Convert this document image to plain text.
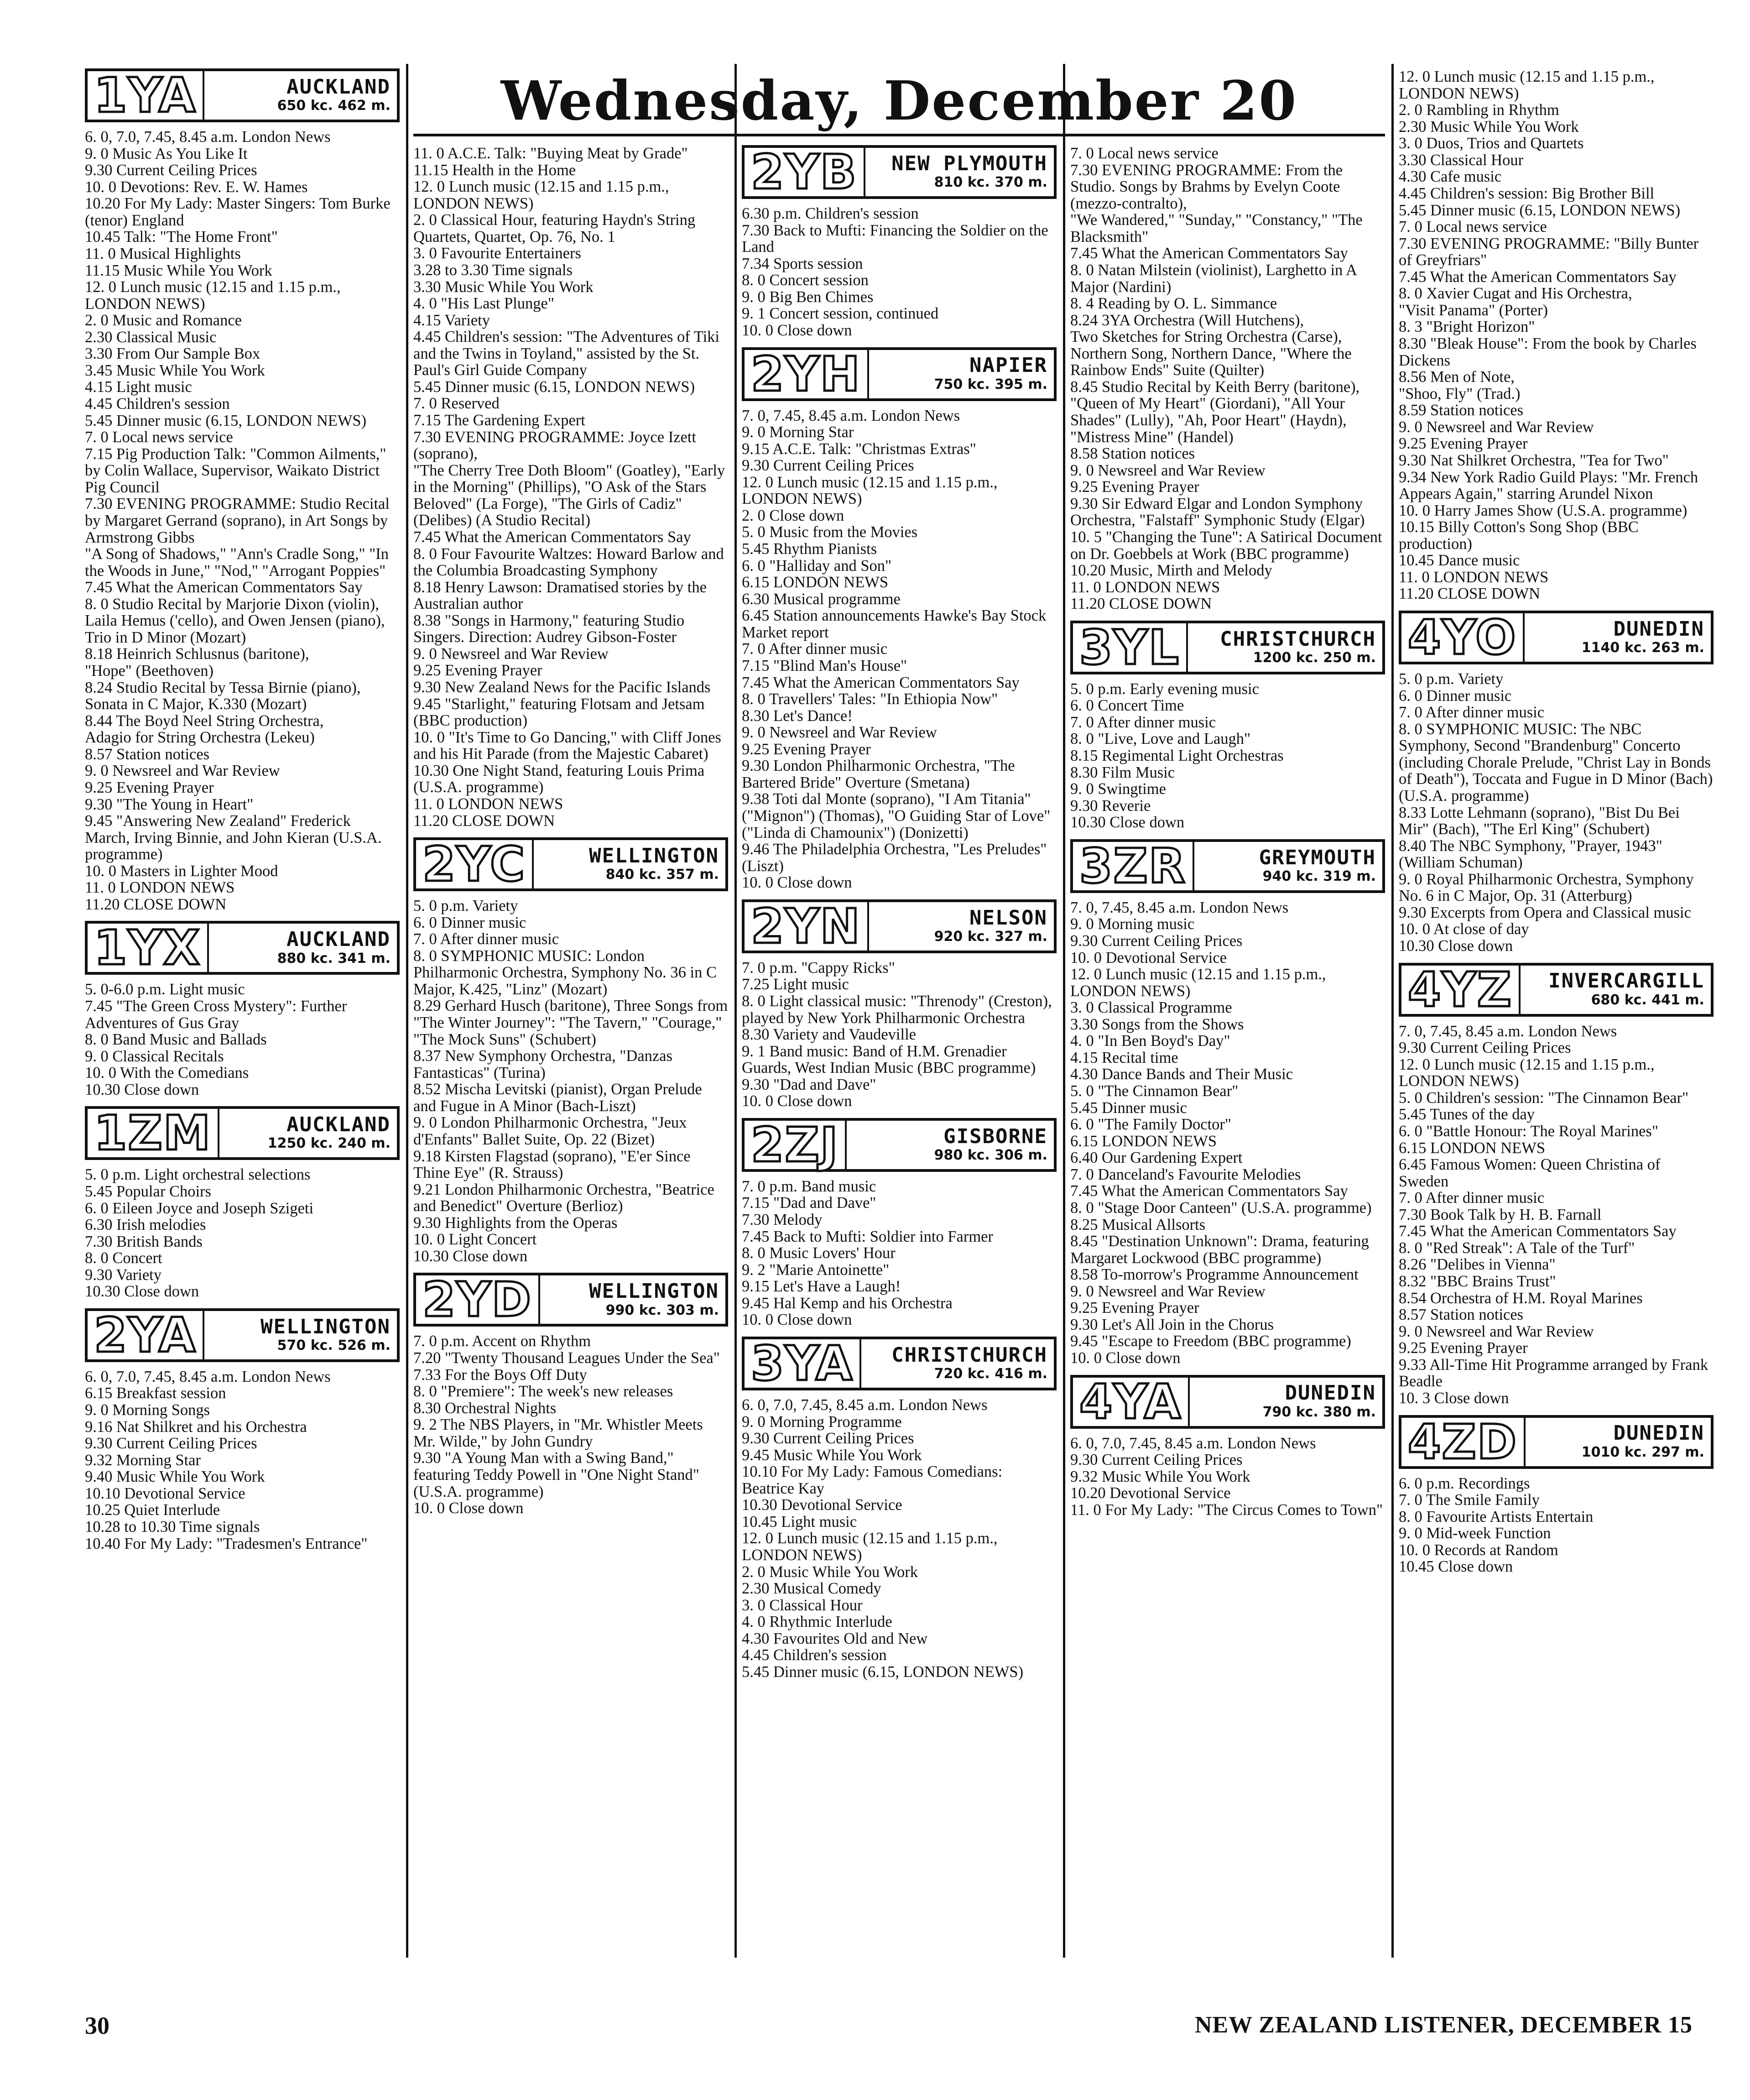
Wednesday, December 20
1YA	AUCKLAND
650 kc. 462 m.

6. 0, 7.0, 7.45, 8.45 a.m. London News

9. 0 Music As You Like It

9.30 Current Ceiling Prices

10. 0 Devotions: Rev. E. W. Hames

10.20 For My Lady: Master Singers: Tom Burke (tenor) England

10.45 Talk: "The Home Front"

11. 0 Musical Highlights

11.15 Music While You Work

12. 0 Lunch music (12.15 and 1.15 p.m., LONDON NEWS)

2. 0 Music and Romance

2.30 Classical Music

3.30 From Our Sample Box

3.45 Music While You Work

4.15 Light music

4.45 Children's session

5.45 Dinner music (6.15, LONDON NEWS)

7. 0 Local news service

7.15 Pig Production Talk: "Common Ailments," by Colin Wallace, Supervisor, Waikato District Pig Council

7.30 EVENING PROGRAMME: Studio Recital by Margaret Gerrand (soprano), in Art Songs by Armstrong Gibbs

"A Song of Shadows," "Ann's Cradle Song," "In the Woods in June," "Nod," "Arrogant Poppies"

7.45 What the American Commentators Say

8. 0 Studio Recital by Marjorie Dixon (violin), Laila Hemus ('cello), and Owen Jensen (piano),

Trio in D Minor (Mozart)

8.18 Heinrich Schlusnus (baritone),

"Hope" (Beethoven)

8.24 Studio Recital by Tessa Birnie (piano),

Sonata in C Major, K.330 (Mozart)

8.44 The Boyd Neel String Orchestra,

Adagio for String Orchestra (Lekeu)

8.57 Station notices

9. 0 Newsreel and War Review

9.25 Evening Prayer

9.30 "The Young in Heart"

9.45 "Answering New Zealand" Frederick March, Irving Binnie, and John Kieran (U.S.A. programme)

10. 0 Masters in Lighter Mood

11. 0 LONDON NEWS

11.20 CLOSE DOWN

1YX	AUCKLAND
880 kc. 341 m.

5. 0-6.0 p.m. Light music

7.45 "The Green Cross Mystery": Further Adventures of Gus Gray

8. 0 Band Music and Ballads

9. 0 Classical Recitals

10. 0 With the Comedians

10.30 Close down

1ZM	AUCKLAND
1250 kc. 240 m.

5. 0 p.m. Light orchestral selections

5.45 Popular Choirs

6. 0 Eileen Joyce and Joseph Szigeti

6.30 Irish melodies

7.30 British Bands

8. 0 Concert

9.30 Variety

10.30 Close down

2YA	WELLINGTON
570 kc. 526 m.

6. 0, 7.0, 7.45, 8.45 a.m. London News

6.15 Breakfast session

9. 0 Morning Songs

9.16 Nat Shilkret and his Orchestra

9.30 Current Ceiling Prices

9.32 Morning Star

9.40 Music While You Work

10.10 Devotional Service

10.25 Quiet Interlude

10.28 to 10.30 Time signals

10.40 For My Lady: "Tradesmen's Entrance"

11. 0 A.C.E. Talk: "Buying Meat by Grade"

11.15 Health in the Home

12. 0 Lunch music (12.15 and 1.15 p.m., LONDON NEWS)

2. 0 Classical Hour, featuring Haydn's String Quartets, Quartet, Op. 76, No. 1

3. 0 Favourite Entertainers

3.28 to 3.30 Time signals

3.30 Music While You Work

4. 0 "His Last Plunge"

4.15 Variety

4.45 Children's session: "The Adventures of Tiki and the Twins in Toyland," assisted by the St. Paul's Girl Guide Company

5.45 Dinner music (6.15, LONDON NEWS)

7. 0 Reserved

7.15 The Gardening Expert

7.30 EVENING PROGRAMME: Joyce Izett (soprano),

"The Cherry Tree Doth Bloom" (Goatley), "Early in the Morning" (Phillips), "O Ask of the Stars Beloved" (La Forge), "The Girls of Cadiz" (Delibes) (A Studio Recital)

7.45 What the American Commentators Say

8. 0 Four Favourite Waltzes: Howard Barlow and the Columbia Broadcasting Symphony

8.18 Henry Lawson: Dramatised stories by the Australian author

8.38 "Songs in Harmony," featuring Studio Singers. Direction: Audrey Gibson-Foster

9. 0 Newsreel and War Review

9.25 Evening Prayer

9.30 New Zealand News for the Pacific Islands

9.45 "Starlight," featuring Flotsam and Jetsam (BBC production)

10. 0 "It's Time to Go Dancing," with Cliff Jones and his Hit Parade (from the Majestic Cabaret)

10.30 One Night Stand, featuring Louis Prima (U.S.A. programme)

11. 0 LONDON NEWS

11.20 CLOSE DOWN

2YC	WELLINGTON
840 kc. 357 m.

5. 0 p.m. Variety

6. 0 Dinner music

7. 0 After dinner music

8. 0 SYMPHONIC MUSIC: London Philharmonic Orchestra, Symphony No. 36 in C Major, K.425, "Linz" (Mozart)

8.29 Gerhard Husch (baritone), Three Songs from "The Winter Journey": "The Tavern," "Courage," "The Mock Suns" (Schubert)

8.37 New Symphony Orchestra, "Danzas Fantasticas" (Turina)

8.52 Mischa Levitski (pianist), Organ Prelude and Fugue in A Minor (Bach-Liszt)

9. 0 London Philharmonic Orchestra, "Jeux d'Enfants" Ballet Suite, Op. 22 (Bizet)

9.18 Kirsten Flagstad (soprano), "E'er Since Thine Eye" (R. Strauss)

9.21 London Philharmonic Orchestra, "Beatrice and Benedict" Overture (Berlioz)

9.30 Highlights from the Operas

10. 0 Light Concert

10.30 Close down

2YD	WELLINGTON
990 kc. 303 m.

7. 0 p.m. Accent on Rhythm

7.20 "Twenty Thousand Leagues Under the Sea"

7.33 For the Boys Off Duty

8. 0 "Premiere": The week's new releases

8.30 Orchestral Nights

9. 2 The NBS Players, in "Mr. Whistler Meets Mr. Wilde," by John Gundry

9.30 "A Young Man with a Swing Band," featuring Teddy Powell in "One Night Stand" (U.S.A. programme)

10. 0 Close down

2YB NEW PLYMOUTH
810 kc. 370 m.

6.30 p.m. Children's session

7.30 Back to Mufti: Financing the Soldier on the Land

7.34 Sports session

8. 0 Concert session

9. 0 Big Ben Chimes

9. 1 Concert session, continued

10. 0 Close down

2YH	NAPIER
750 kc. 395 m.

7. 0, 7.45, 8.45 a.m. London News

9. 0 Morning Star

9.15 A.C.E. Talk: "Christmas Extras"

9.30 Current Ceiling Prices

12. 0 Lunch music (12.15 and 1.15 p.m., LONDON NEWS)

2. 0 Close down

5. 0 Music from the Movies

5.45 Rhythm Pianists

6. 0 "Halliday and Son"

6.15 LONDON NEWS

6.30 Musical programme

6.45 Station announcements Hawke's Bay Stock Market report

7. 0 After dinner music

7.15 "Blind Man's House"

7.45 What the American Commentators Say

8. 0 Travellers' Tales: "In Ethiopia Now"

8.30 Let's Dance!

9. 0 Newsreel and War Review

9.25 Evening Prayer

9.30 London Philharmonic Orchestra, "The Bartered Bride" Overture (Smetana)

9.38 Toti dal Monte (soprano), "I Am Titania" ("Mignon") (Thomas), "O Guiding Star of Love" ("Linda di Chamounix") (Donizetti)

9.46 The Philadelphia Orchestra, "Les Preludes" (Liszt)

10. 0 Close down

2YN	NELSON
920 kc. 327 m.

7. 0 p.m. "Cappy Ricks"

7.25 Light music

8. 0 Light classical music: "Threnody" (Creston), played by New York Philharmonic Orchestra

8.30 Variety and Vaudeville

9. 1 Band music: Band of H.M. Grenadier Guards, West Indian Music (BBC programme)

9.30 "Dad and Dave"

10. 0 Close down

2ZJ	GISBORNE
980 kc. 306 m.

7. 0 p.m. Band music

7.15 "Dad and Dave"

7.30 Melody

7.45 Back to Mufti: Soldier into Farmer

8. 0 Music Lovers' Hour

9. 2 "Marie Antoinette"

9.15 Let's Have a Laugh!

9.45 Hal Kemp and his Orchestra

10. 0 Close down

3YA CHRISTCHURCH
720 kc. 416 m.

6. 0, 7.0, 7.45, 8.45 a.m. London News

9. 0 Morning Programme

9.30 Current Ceiling Prices

9.45 Music While You Work

10.10 For My Lady: Famous Comedians: Beatrice Kay

10.30 Devotional Service

10.45 Light music

12. 0 Lunch music (12.15 and 1.15 p.m., LONDON NEWS)

2. 0 Music While You Work

2.30 Musical Comedy

3. 0 Classical Hour

4. 0 Rhythmic Interlude

4.30 Favourites Old and New

4.45 Children's session

5.45 Dinner music (6.15, LONDON NEWS)

7. 0 Local news service

7.30 EVENING PROGRAMME: From the Studio. Songs by Brahms by Evelyn Coote (mezzo-contralto),

"We Wandered," "Sunday," "Constancy," "The Blacksmith"

7.45 What the American Commentators Say

8. 0 Natan Milstein (violinist), Larghetto in A Major (Nardini)

8. 4 Reading by O. L. Simmance

8.24 3YA Orchestra (Will Hutchens),

Two Sketches for String Orchestra (Carse), Northern Song, Northern Dance, "Where the Rainbow Ends" Suite (Quilter)

8.45 Studio Recital by Keith Berry (baritone),

"Queen of My Heart" (Giordani), "All Your Shades" (Lully), "Ah, Poor Heart" (Haydn), "Mistress Mine" (Handel)

8.58 Station notices

9. 0 Newsreel and War Review

9.25 Evening Prayer

9.30 Sir Edward Elgar and London Symphony Orchestra, "Falstaff" Symphonic Study (Elgar)

10. 5 "Changing the Tune": A Satirical Document on Dr. Goebbels at Work (BBC programme)

10.20 Music, Mirth and Melody

11. 0 LONDON NEWS

11.20 CLOSE DOWN

3YL CHRISTCHURCH
1200 kc. 250 m.

5. 0 p.m. Early evening music

6. 0 Concert Time

7. 0 After dinner music

8. 0 "Live, Love and Laugh"

8.15 Regimental Light Orchestras

8.30 Film Music

9. 0 Swingtime

9.30 Reverie

10.30 Close down

3ZR	GREYMOUTH
940 kc. 319 m.

7. 0, 7.45, 8.45 a.m. London News

9. 0 Morning music

9.30 Current Ceiling Prices

10. 0 Devotional Service

12. 0 Lunch music (12.15 and 1.15 p.m., LONDON NEWS)

3. 0 Classical Programme

3.30 Songs from the Shows

4. 0 "In Ben Boyd's Day"

4.15 Recital time

4.30 Dance Bands and Their Music

5. 0 "The Cinnamon Bear"

5.45 Dinner music

6. 0 "The Family Doctor"

6.15 LONDON NEWS

6.40 Our Gardening Expert

7. 0 Danceland's Favourite Melodies

7.45 What the American Commentators Say

8. 0 "Stage Door Canteen" (U.S.A. programme)

8.25 Musical Allsorts

8.45 "Destination Unknown": Drama, featuring Margaret Lockwood (BBC programme)

8.58 To-morrow's Programme Announcement

9. 0 Newsreel and War Review

9.25 Evening Prayer

9.30 Let's All Join in the Chorus

9.45 "Escape to Freedom (BBC programme)

10. 0 Close down

4YA	DUNEDIN
790 kc. 380 m.

6. 0, 7.0, 7.45, 8.45 a.m. London News

9.30 Current Ceiling Prices

9.32 Music While You Work

10.20 Devotional Service

11. 0 For My Lady: "The Circus Comes to Town"

12. 0 Lunch music (12.15 and 1.15 p.m., LONDON NEWS)

2. 0 Rambling in Rhythm

2.30 Music While You Work

3. 0 Duos, Trios and Quartets

3.30 Classical Hour

4.30 Cafe music

4.45 Children's session: Big Brother Bill

5.45 Dinner music (6.15, LONDON NEWS)

7. 0 Local news service

7.30 EVENING PROGRAMME: "Billy Bunter of Greyfriars"

7.45 What the American Commentators Say

8. 0 Xavier Cugat and His Orchestra,

"Visit Panama" (Porter)

8. 3 "Bright Horizon"

8.30 "Bleak House": From the book by Charles Dickens

8.56 Men of Note,

"Shoo, Fly" (Trad.)

8.59 Station notices

9. 0 Newsreel and War Review

9.25 Evening Prayer

9.30 Nat Shilkret Orchestra, "Tea for Two"

9.34 New York Radio Guild Plays: "Mr. French Appears Again," starring Arundel Nixon

10. 0 Harry James Show (U.S.A. programme)

10.15 Billy Cotton's Song Shop (BBC production)

10.45 Dance music

11. 0 LONDON NEWS

11.20 CLOSE DOWN

4YO	DUNEDIN
1140 kc. 263 m.

5. 0 p.m. Variety

6. 0 Dinner music

7. 0 After dinner music

8. 0 SYMPHONIC MUSIC: The NBC Symphony, Second "Brandenburg" Concerto (including Chorale Prelude, "Christ Lay in Bonds of Death"), Toccata and Fugue in D Minor (Bach) (U.S.A. programme)

8.33 Lotte Lehmann (soprano), "Bist Du Bei Mir" (Bach), "The Erl King" (Schubert)

8.40 The NBC Symphony, "Prayer, 1943" (William Schuman)

9. 0 Royal Philharmonic Orchestra, Symphony No. 6 in C Major, Op. 31 (Atterburg)

9.30 Excerpts from Opera and Classical music

10. 0 At close of day

10.30 Close down

4YZ INVERCARGILL
680 kc. 441 m.

7. 0, 7.45, 8.45 a.m. London News

9.30 Current Ceiling Prices

12. 0 Lunch music (12.15 and 1.15 p.m., LONDON NEWS)

5. 0 Children's session: "The Cinnamon Bear"

5.45 Tunes of the day

6. 0 "Battle Honour: The Royal Marines"

6.15 LONDON NEWS

6.45 Famous Women: Queen Christina of Sweden

7. 0 After dinner music

7.30 Book Talk by H. B. Farnall

7.45 What the American Commentators Say

8. 0 "Red Streak": A Tale of the Turf"

8.26 "Delibes in Vienna"

8.32 "BBC Brains Trust"

8.54 Orchestra of H.M. Royal Marines

8.57 Station notices

9. 0 Newsreel and War Review

9.25 Evening Prayer

9.33 All-Time Hit Programme arranged by Frank Beadle

10. 3 Close down

4ZD	DUNEDIN
1010 kc. 297 m.

6. 0 p.m. Recordings

7. 0 The Smile Family

8. 0 Favourite Artists Entertain

9. 0 Mid-week Function

10. 0 Records at Random

10.45 Close down

30	NEW ZEALAND LISTENER, DECEMBER 15
